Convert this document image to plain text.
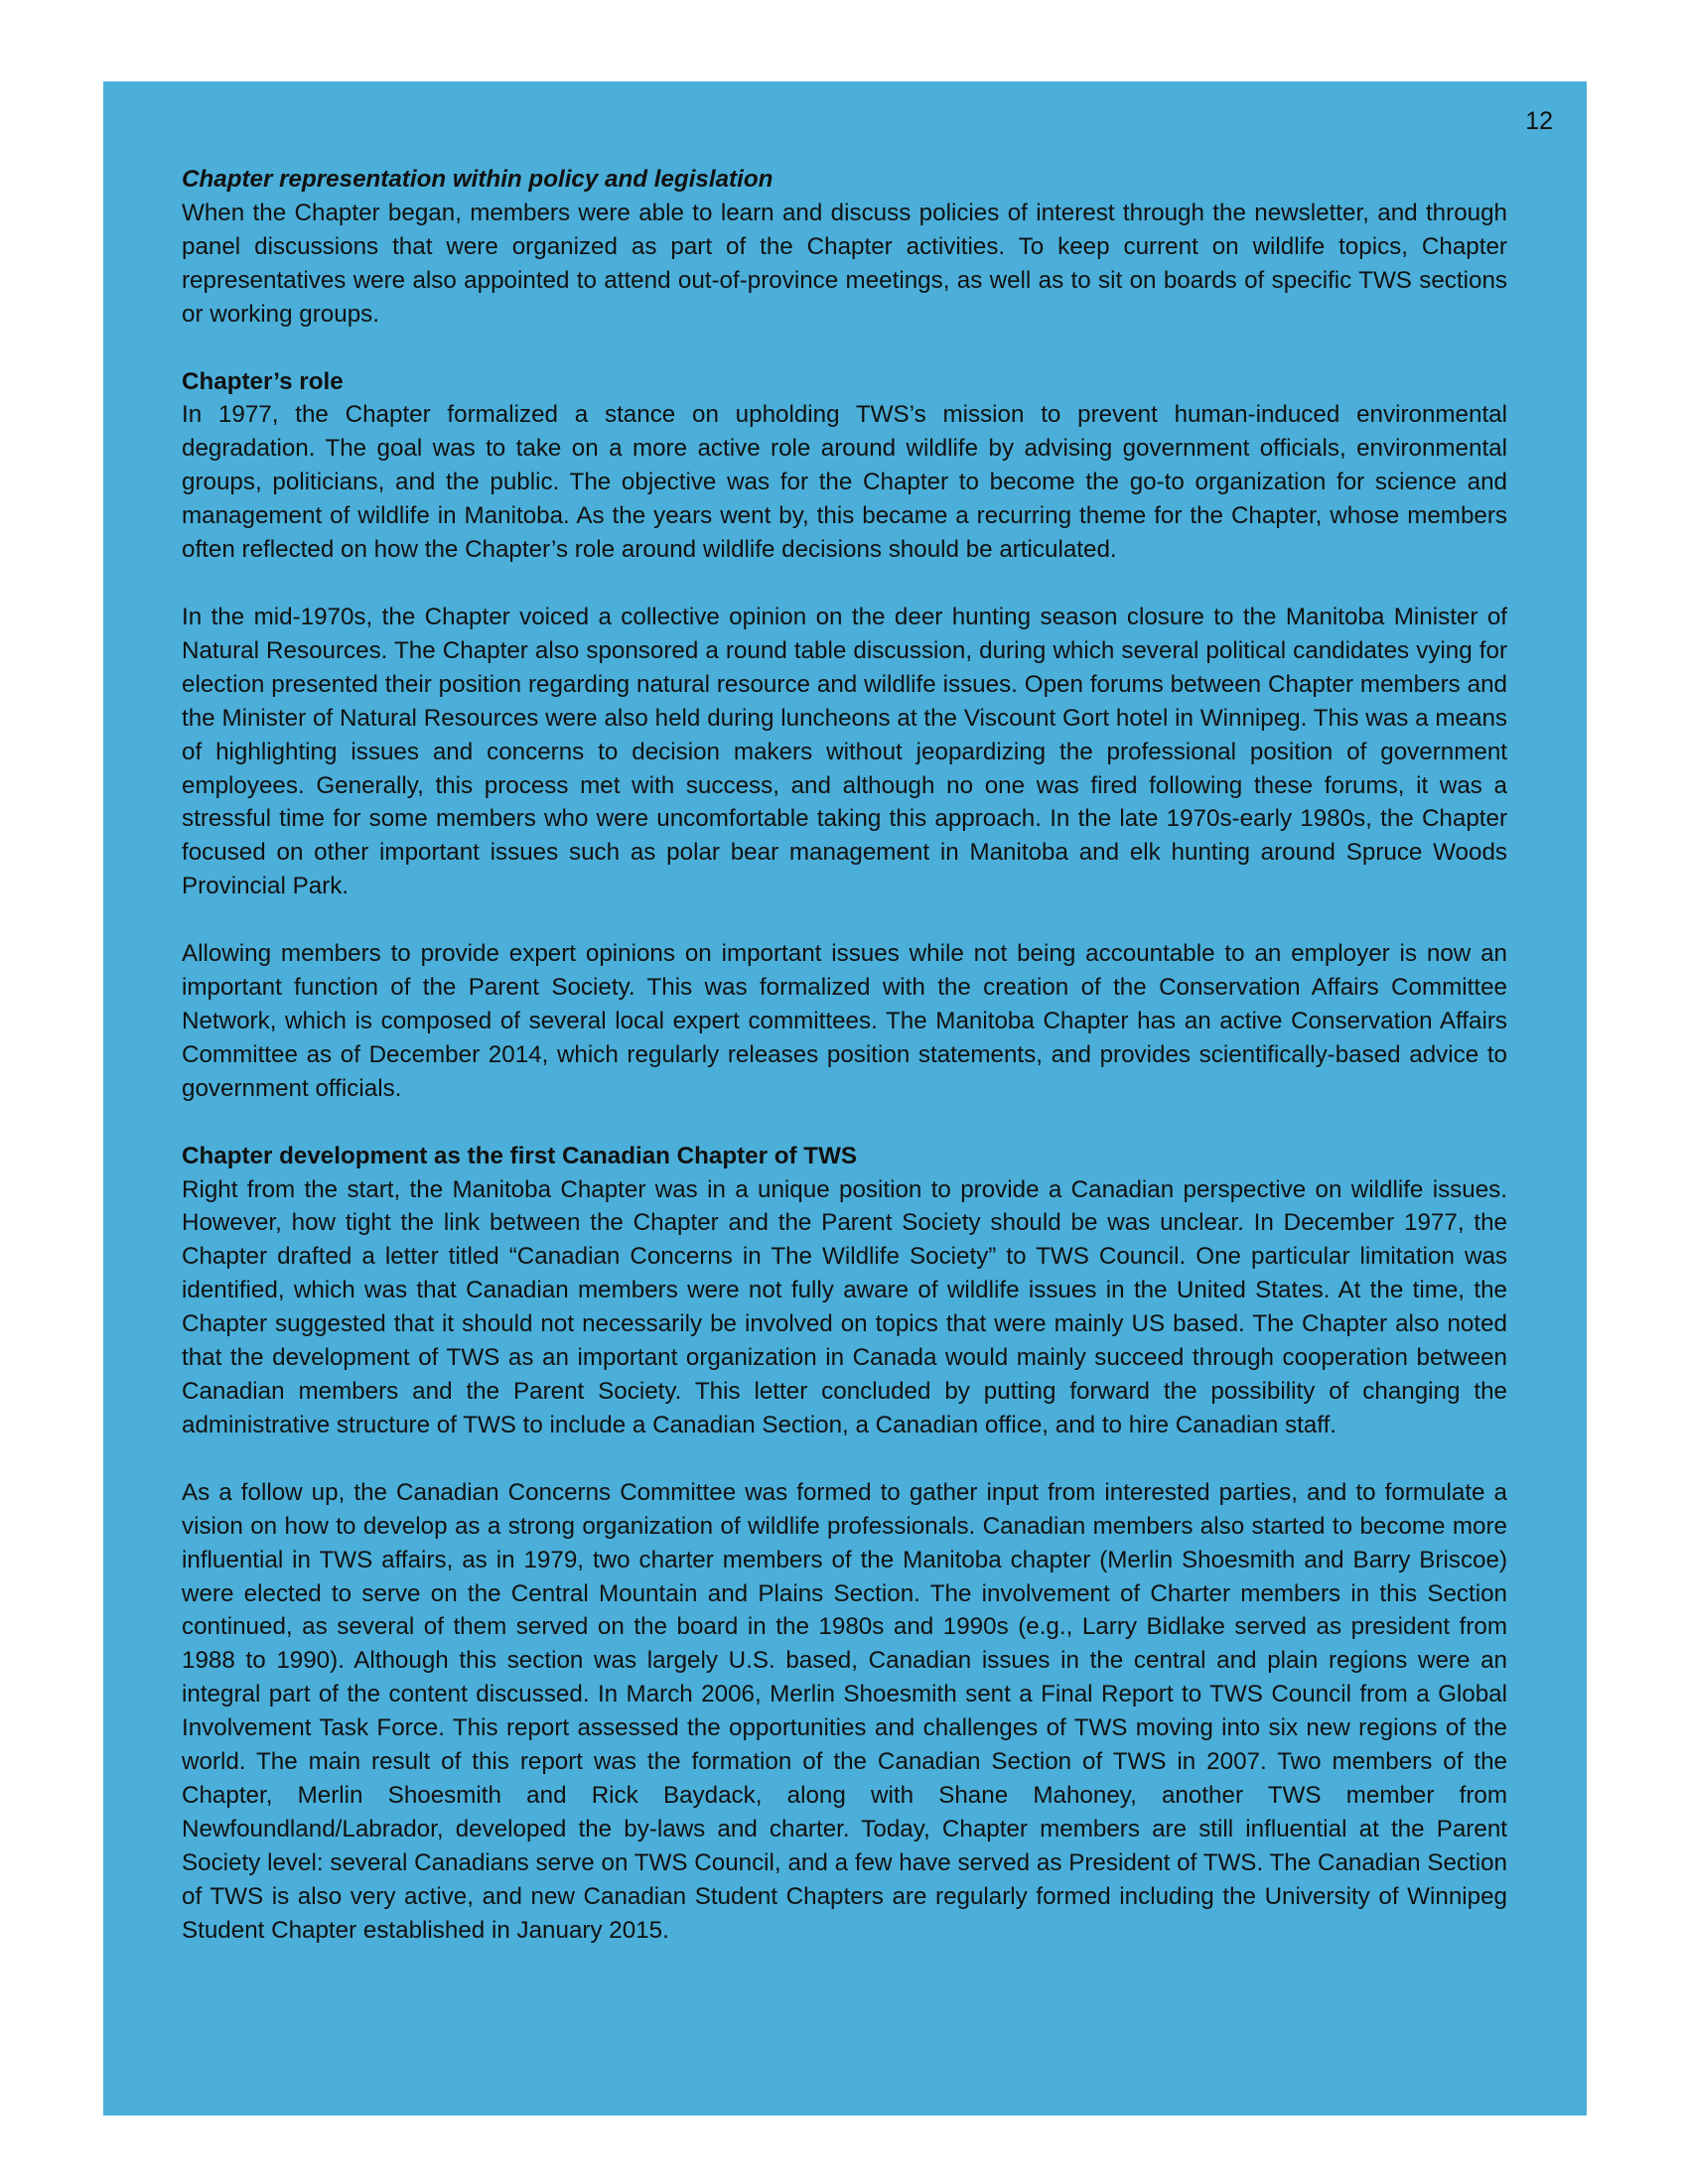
12

Chapter representation within policy and legislation

When the Chapter began, members were able to learn and discuss policies of interest through the newsletter, and through panel discussions that were organized as part of the Chapter activities. To keep current on wildlife topics, Chapter representatives were also appointed to attend out-of-province meetings, as well as to sit on boards of specific TWS sections or working groups.

Chapter’s role

In 1977, the Chapter formalized a stance on upholding TWS’s mission to prevent human-induced environmental degradation. The goal was to take on a more active role around wildlife by advising government officials, environmental groups, politicians, and the public. The objective was for the Chapter to become the go-to organization for science and management of wildlife in Manitoba. As the years went by, this became a recurring theme for the Chapter, whose members often reflected on how the Chapter’s role around wildlife decisions should be articulated.

In the mid-1970s, the Chapter voiced a collective opinion on the deer hunting season closure to the Manitoba Minister of Natural Resources. The Chapter also sponsored a round table discussion, during which several political candidates vying for election presented their position regarding natural resource and wildlife issues. Open forums between Chapter members and the Minister of Natural Resources were also held during luncheons at the Viscount Gort hotel in Winnipeg. This was a means of highlighting issues and concerns to decision makers without jeopardizing the professional position of government employees. Generally, this process met with success, and although no one was fired following these forums, it was a stressful time for some members who were uncomfortable taking this approach. In the late 1970s-early 1980s, the Chapter focused on other important issues such as polar bear management in Manitoba and elk hunting around Spruce Woods Provincial Park.

Allowing members to provide expert opinions on important issues while not being accountable to an employer is now an important function of the Parent Society. This was formalized with the creation of the Conservation Affairs Committee Network, which is composed of several local expert committees. The Manitoba Chapter has an active Conservation Affairs Committee as of December 2014, which regularly releases position statements, and provides scientifically-based advice to government officials.

Chapter development as the first Canadian Chapter of TWS

Right from the start, the Manitoba Chapter was in a unique position to provide a Canadian perspective on wildlife issues. However, how tight the link between the Chapter and the Parent Society should be was unclear. In December 1977, the Chapter drafted a letter titled “Canadian Concerns in The Wildlife Society” to TWS Council. One particular limitation was identified, which was that Canadian members were not fully aware of wildlife issues in the United States. At the time, the Chapter suggested that it should not necessarily be involved on topics that were mainly US based. The Chapter also noted that the development of TWS as an important organization in Canada would mainly succeed through cooperation between Canadian members and the Parent Society. This letter concluded by putting forward the possibility of changing the administrative structure of TWS to include a Canadian Section, a Canadian office, and to hire Canadian staff.

As a follow up, the Canadian Concerns Committee was formed to gather input from interested parties, and to formulate a vision on how to develop as a strong organization of wildlife professionals. Canadian members also started to become more influential in TWS affairs, as in 1979, two charter members of the Manitoba chapter (Merlin Shoesmith and Barry Briscoe) were elected to serve on the Central Mountain and Plains Section. The involvement of Charter members in this Section continued, as several of them served on the board in the 1980s and 1990s (e.g., Larry Bidlake served as president from 1988 to 1990). Although this section was largely U.S. based, Canadian issues in the central and plain regions were an integral part of the content discussed. In March 2006, Merlin Shoesmith sent a Final Report to TWS Council from a Global Involvement Task Force. This report assessed the opportunities and challenges of TWS moving into six new regions of the world. The main result of this report was the formation of the Canadian Section of TWS in 2007. Two members of the Chapter, Merlin Shoesmith and Rick Baydack, along with Shane Mahoney, another TWS member from Newfoundland/Labrador, developed the by-laws and charter. Today, Chapter members are still influential at the Parent Society level: several Canadians serve on TWS Council, and a few have served as President of TWS. The Canadian Section of TWS is also very active, and new Canadian Student Chapters are regularly formed including the University of Winnipeg Student Chapter established in January 2015.
